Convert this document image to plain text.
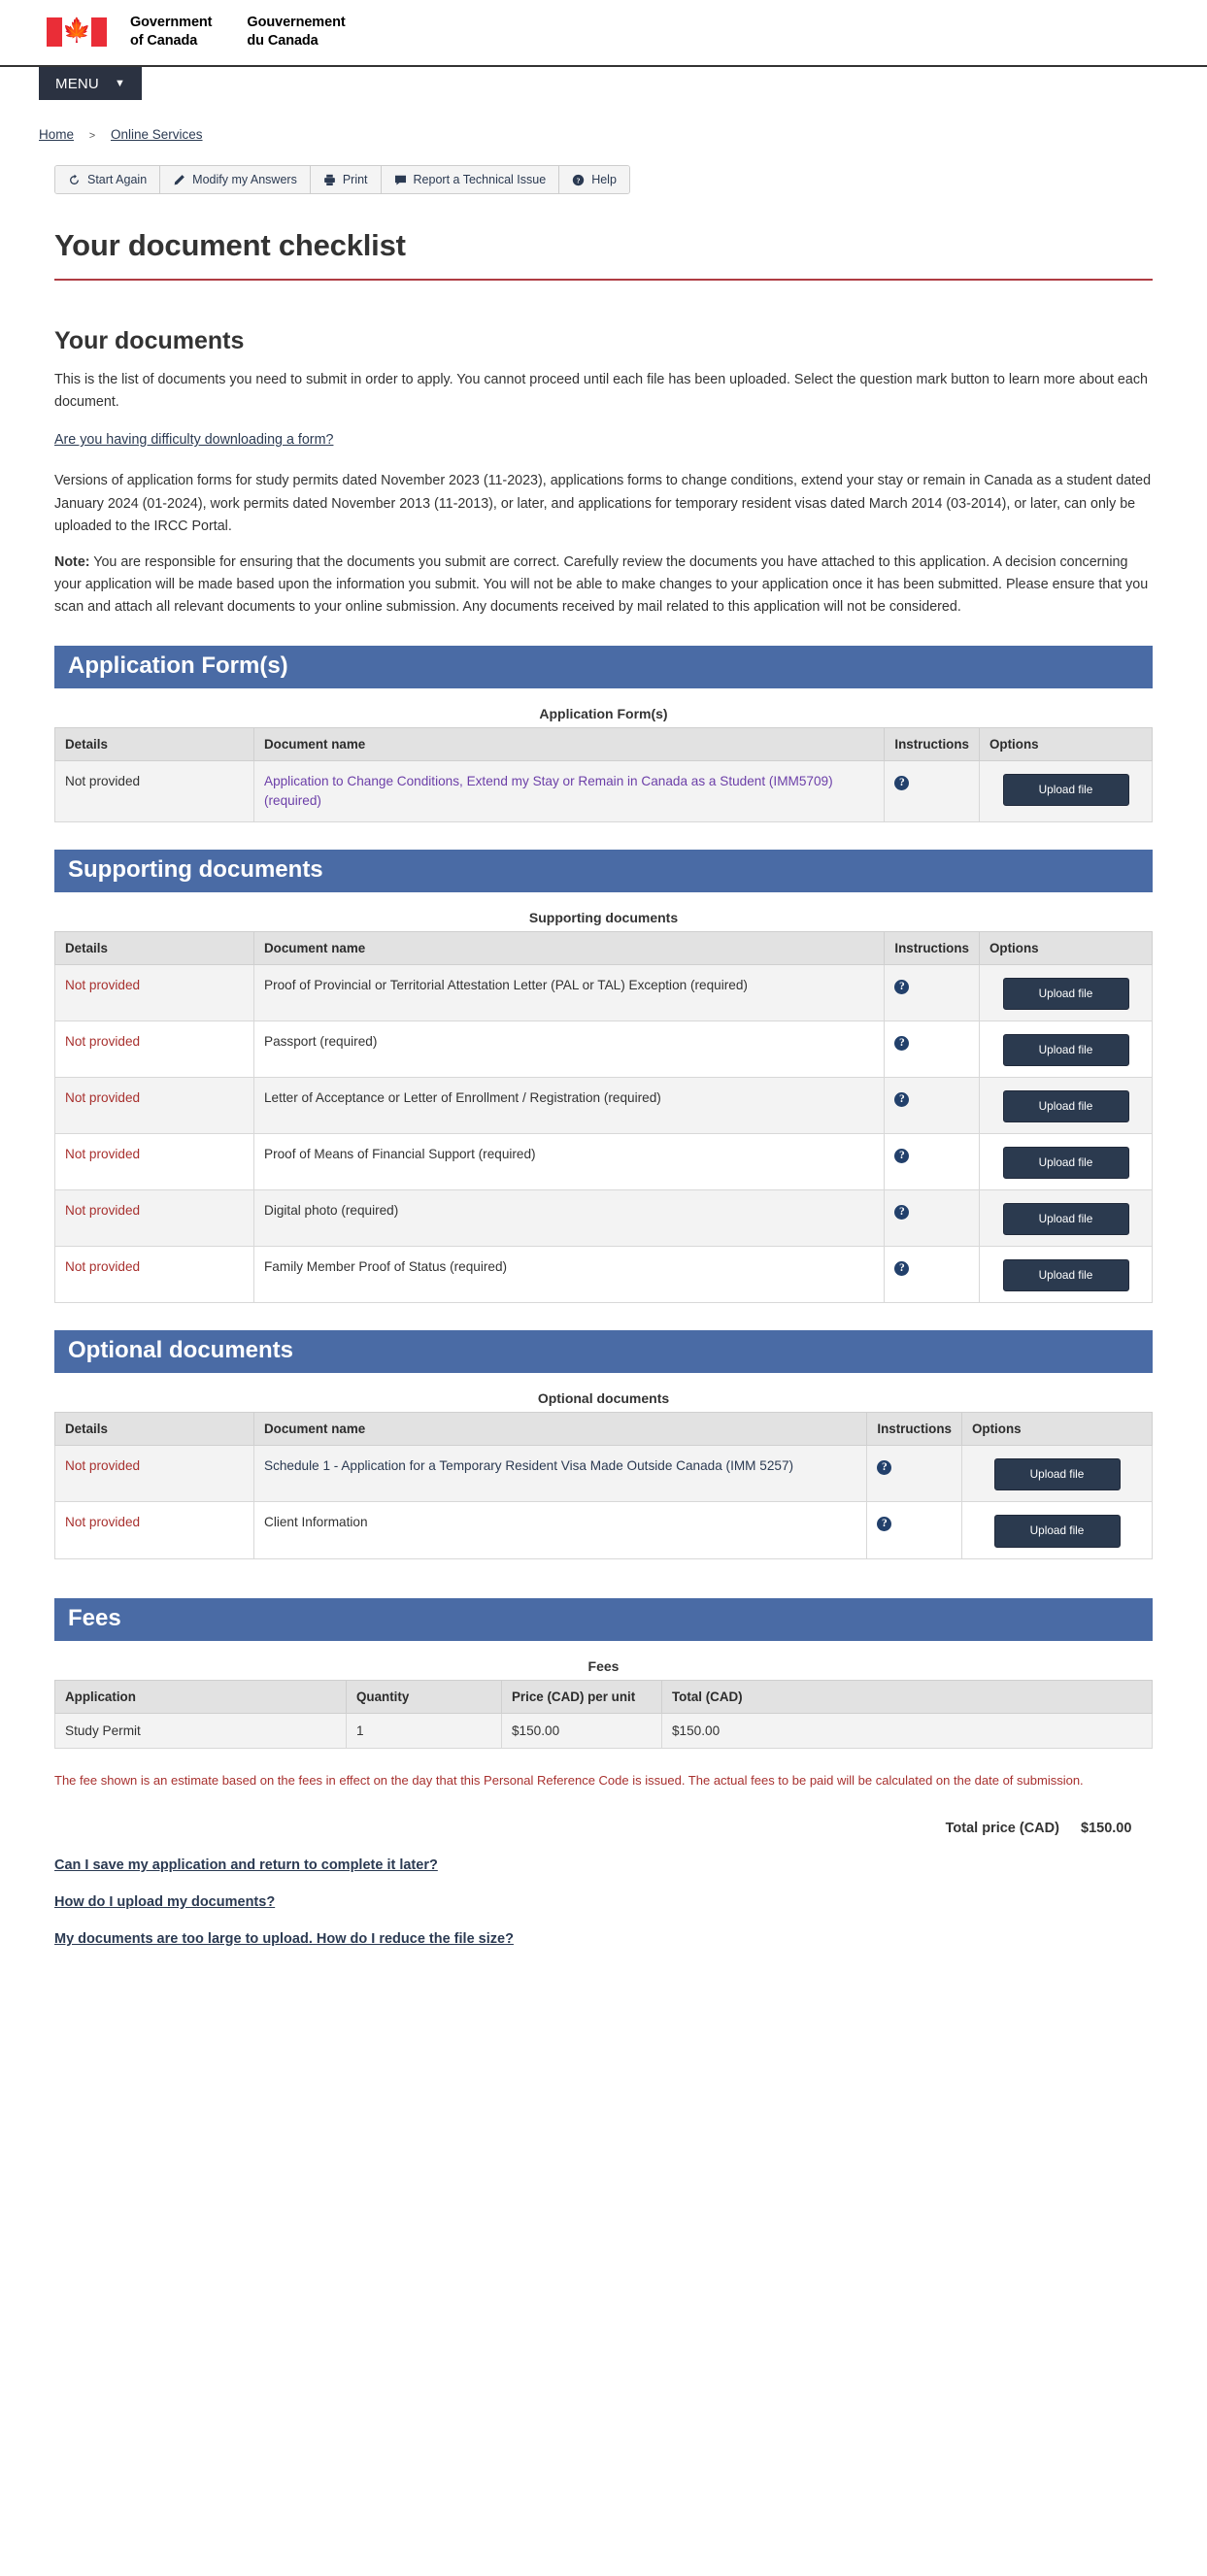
🍁	Government
of Canada
Gouvernement
du Canada
MENU ▼
Home > Online Services
Start Again	Modify my Answers	Print	Report a Technical Issue	? Help
Your document checklist
Your documents

This is the list of documents you need to submit in order to apply. You cannot proceed until each file has been uploaded. Select the question mark button to learn more about each document.

Are you having difficulty downloading a form?

Versions of application forms for study permits dated November 2023 (11-2023), applications forms to change conditions, extend your stay or remain in Canada as a student dated January 2024 (01-2024), work permits dated November 2013 (11-2013), or later, and applications for temporary resident visas dated March 2014 (03-2014), or later, can only be uploaded to the IRCC Portal.

Note: You are responsible for ensuring that the documents you submit are correct. Carefully review the documents you have attached to this application. A decision concerning your application will be made based upon the information you submit. You will not be able to make changes to your application once it has been submitted. Please ensure that you scan and attach all relevant documents to your online submission. Any documents received by mail related to this application will not be considered.

Application Form(s)
Application Form(s)
Details	Document name	Instructions	Options
Not provided	Application to Change Conditions, Extend my Stay or Remain in Canada as a Student (IMM5709) (required)	?	Upload file
Supporting documents
Supporting documents
Details	Document name	Instructions	Options
Not provided	Proof of Provincial or Territorial Attestation Letter (PAL or TAL) Exception (required)	?	Upload file
Not provided	Passport (required)	?	Upload file
Not provided	Letter of Acceptance or Letter of Enrollment / Registration (required)	?	Upload file
Not provided	Proof of Means of Financial Support (required)	?	Upload file
Not provided	Digital photo (required)	?	Upload file
Not provided	Family Member Proof of Status (required)	?	Upload file
Optional documents
Optional documents
Details	Document name	Instructions	Options
Not provided	Schedule 1 - Application for a Temporary Resident Visa Made Outside Canada (IMM 5257)	?	Upload file
Not provided	Client Information	?	Upload file
Fees
Fees
Application	Quantity	Price (CAD) per unit	Total (CAD)
Study Permit	1	$150.00	$150.00

The fee shown is an estimate based on the fees in effect on the day that this Personal Reference Code is issued. The actual fees to be paid will be calculated on the date of submission.

Total price (CAD) $150.00
Can I save my application and return to complete it later?
How do I upload my documents?
My documents are too large to upload. How do I reduce the file size?
